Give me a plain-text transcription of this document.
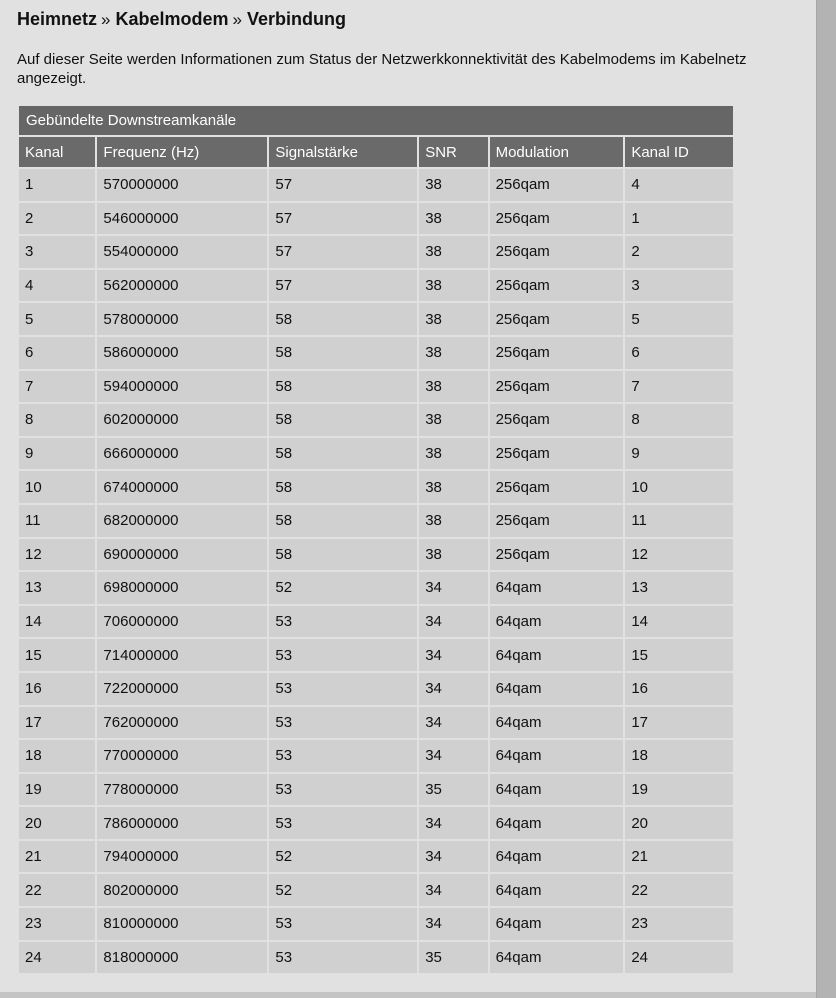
Heimnetz » Kabelmodem » Verbindung
Auf dieser Seite werden Informationen zum Status der Netzwerkkonnektivität des Kabelmodems im Kabelnetz angezeigt.
Gebündelte Downstreamkanäle					
Kanal	Frequenz (Hz)	Signalstärke	SNR	Modulation	Kanal ID
1	570000000	57	38	256qam	4
2	546000000	57	38	256qam	1
3	554000000	57	38	256qam	2
4	562000000	57	38	256qam	3
5	578000000	58	38	256qam	5
6	586000000	58	38	256qam	6
7	594000000	58	38	256qam	7
8	602000000	58	38	256qam	8
9	666000000	58	38	256qam	9
10	674000000	58	38	256qam	10
11	682000000	58	38	256qam	11
12	690000000	58	38	256qam	12
13	698000000	52	34	64qam	13
14	706000000	53	34	64qam	14
15	714000000	53	34	64qam	15
16	722000000	53	34	64qam	16
17	762000000	53	34	64qam	17
18	770000000	53	34	64qam	18
19	778000000	53	35	64qam	19
20	786000000	53	34	64qam	20
21	794000000	52	34	64qam	21
22	802000000	52	34	64qam	22
23	810000000	53	34	64qam	23
24	818000000	53	35	64qam	24
